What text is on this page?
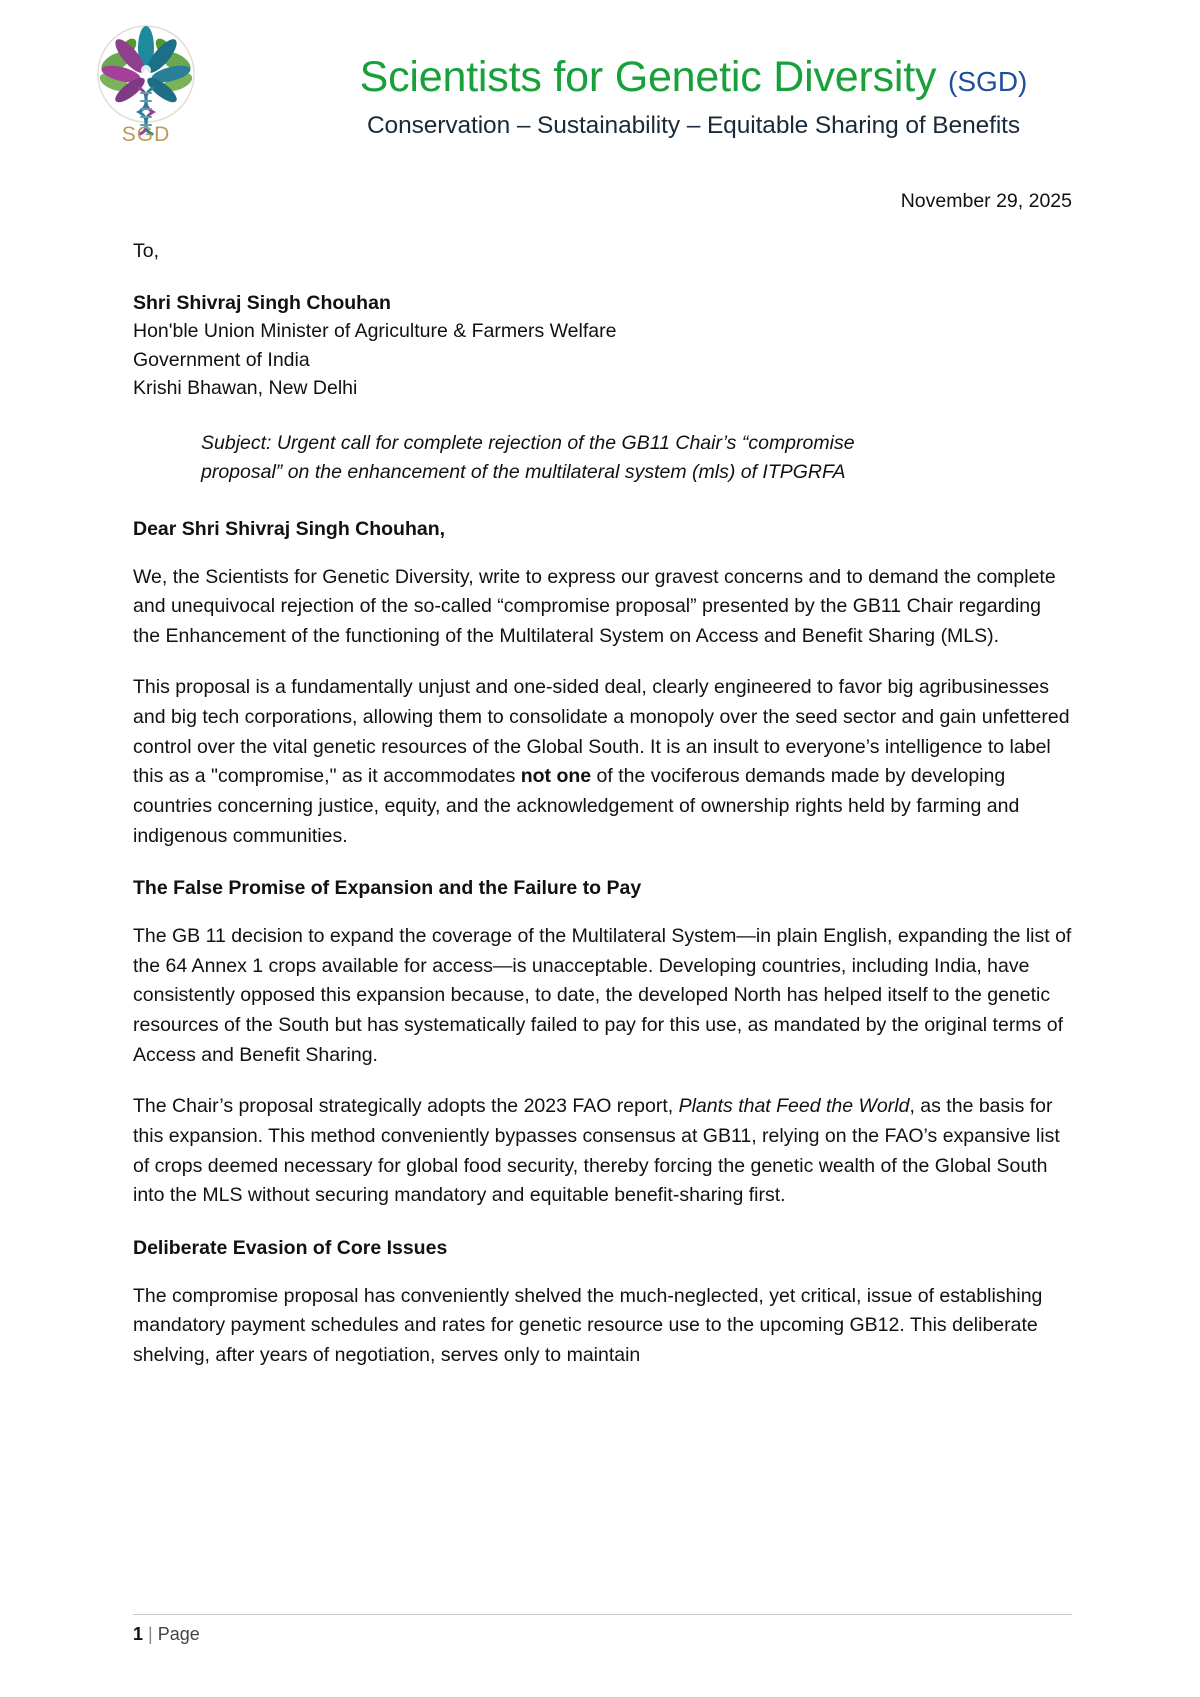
SGD
Scientists for Genetic Diversity (SGD)
Conservation – Sustainability – Equitable Sharing of Benefits
November 29, 2025
To,
Shri Shivraj Singh Chouhan
Hon'ble Union Minister of Agriculture & Farmers Welfare
Government of India
Krishi Bhawan, New Delhi
Subject: Urgent call for complete rejection of the GB11 Chair’s “compromise proposal” on the enhancement of the multilateral system (mls) of ITPGRFA
Dear Shri Shivraj Singh Chouhan,

We, the Scientists for Genetic Diversity, write to express our gravest concerns and to demand the complete and unequivocal rejection of the so-called “compromise proposal” presented by the GB11 Chair regarding the Enhancement of the functioning of the Multilateral System on Access and Benefit Sharing (MLS).

This proposal is a fundamentally unjust and one-sided deal, clearly engineered to favor big agribusinesses and big tech corporations, allowing them to consolidate a monopoly over the seed sector and gain unfettered control over the vital genetic resources of the Global South. It is an insult to everyone’s intelligence to label this as a "compromise," as it accommodates not one of the vociferous demands made by developing countries concerning justice, equity, and the acknowledgement of ownership rights held by farming and indigenous communities.

The False Promise of Expansion and the Failure to Pay

The GB 11 decision to expand the coverage of the Multilateral System—in plain English, expanding the list of the 64 Annex 1 crops available for access—is unacceptable. Developing countries, including India, have consistently opposed this expansion because, to date, the developed North has helped itself to the genetic resources of the South but has systematically failed to pay for this use, as mandated by the original terms of Access and Benefit Sharing.

The Chair’s proposal strategically adopts the 2023 FAO report, Plants that Feed the World, as the basis for this expansion. This method conveniently bypasses consensus at GB11, relying on the FAO’s expansive list of crops deemed necessary for global food security, thereby forcing the genetic wealth of the Global South into the MLS without securing mandatory and equitable benefit-sharing first.

Deliberate Evasion of Core Issues

The compromise proposal has conveniently shelved the much-neglected, yet critical, issue of establishing mandatory payment schedules and rates for genetic resource use to the upcoming GB12. This deliberate shelving, after years of negotiation, serves only to maintain

1 | Page
